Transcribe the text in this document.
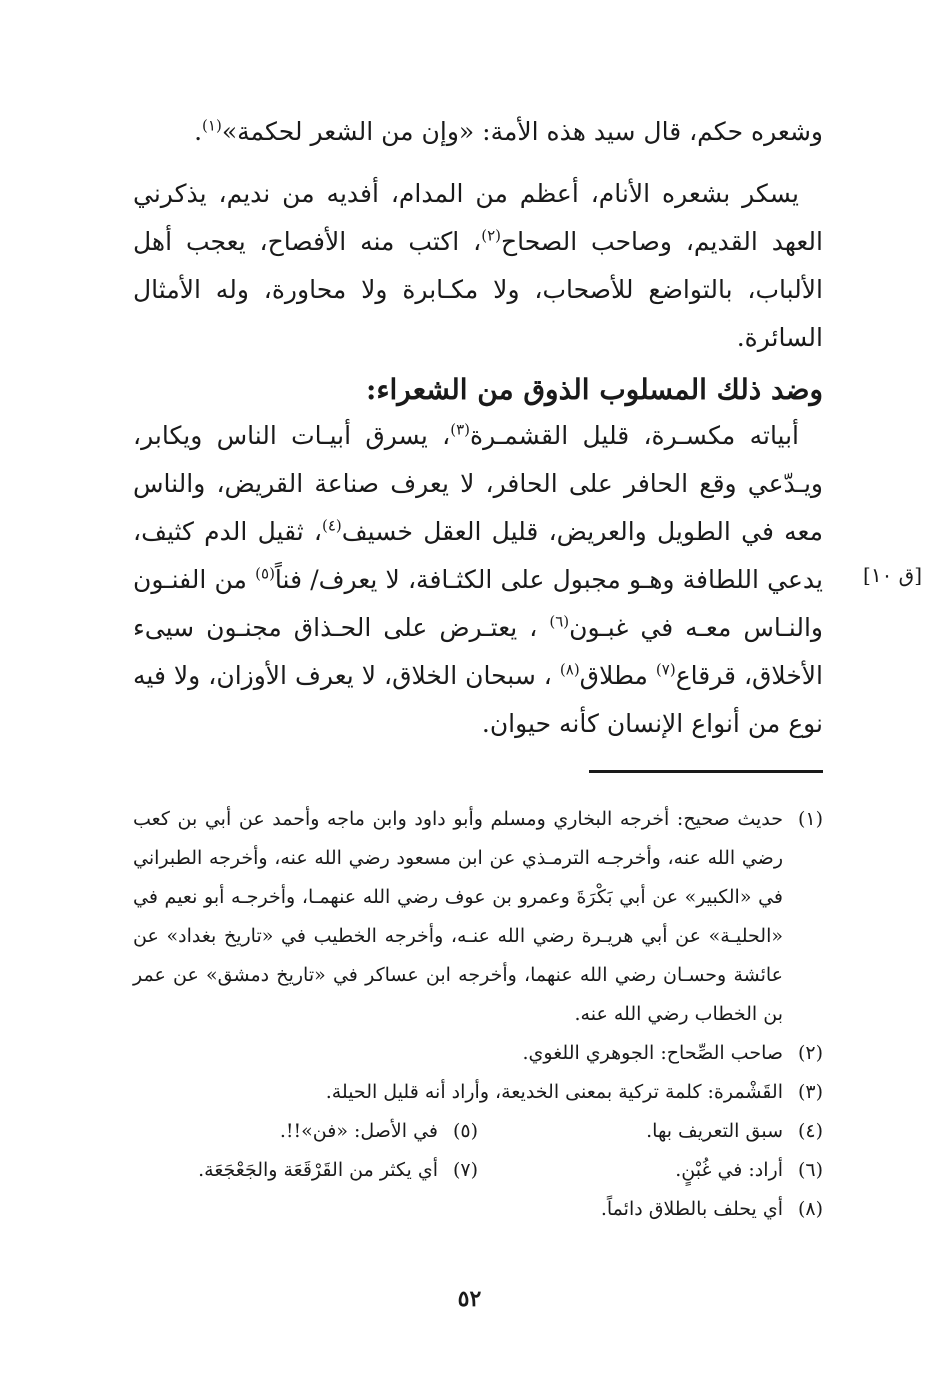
وشعره حكم، قال سيد هذه الأمة: «وإن من الشعر لحكمة»$^{(١)}$.
يسكر بشعره الأنام، أعظم من المدام، أفديه من نديم، يذكرني العهد القديم، وصاحب الصحاح$^{(٢)}$، اكتب منه الأفصاح، يعجب أهل الألباب، بالتواضع للأصحاب، ولا مكـابرة ولا محاورة، وله الأمثال السائرة.
وضد ذلك المسلوب الذوق من الشعراء:
أبياته مكسـرة، قليل القشمـرة$^{(٣)}$، يسرق أبيـات الناس ويكابر، ويـدّعي وقع الحافر على الحافر، لا يعرف صناعة القريض، والناس معه في الطويل والعريض، قليل العقل خسيف$^{(٤)}$، ثقيل الدم كثيف، يدعي اللطافة وهـو مجبول على الكثـافة، لا يعرف/ فناً$^{(٥)}$ من الفنـون والنـاس معـه في غبـون$^{(٦)}$ ، يعتـرض على الحـذاق مجنـون سيىء الأخلاق، قرقاع$^{(٧)}$ مطلاق$^{(٨)}$ ، سبحان الخلاق، لا يعرف الأوزان، ولا فيه نوع من أنواع الإنسان كأنه حيوان.
[ق ١٠]
(١)
حديث صحيح: أخرجه البخاري ومسلم وأبو داود وابن ماجه وأحمد عن أبي بن كعب رضي الله عنه، وأخرجـه الترمـذي عن ابن مسعود رضي الله عنه، وأخرجه الطبراني في «الكبير» عن أبي بَكْرَةَ وعمرو بن عوف رضي الله عنهمـا، وأخرجـه أبو نعيم في «الحليـة» عن أبي هريـرة رضي الله عنـه، وأخرجه الخطيب في «تاريخ بغداد» عن عائشة وحسـان رضي الله عنهما، وأخرجه ابن عساكر في «تاريخ دمشق» عن عمر بن الخطاب رضي الله عنه.
(٢)
صاحب الصِّحاح: الجوهري اللغوي.
(٣)
القَشْمرة: كلمة تركية بمعنى الخديعة، وأراد أنه قليل الحيلة.
(٤)
سبق التعريف بها.
(٥)
في الأصل: «فن»!!.
(٦)
أراد: في غُبْنٍ.
(٧)
أي يكثر من القَرْقَعَة والجَعْجَعَة.
(٨)
أي يحلف بالطلاق دائماً.
٥٢
